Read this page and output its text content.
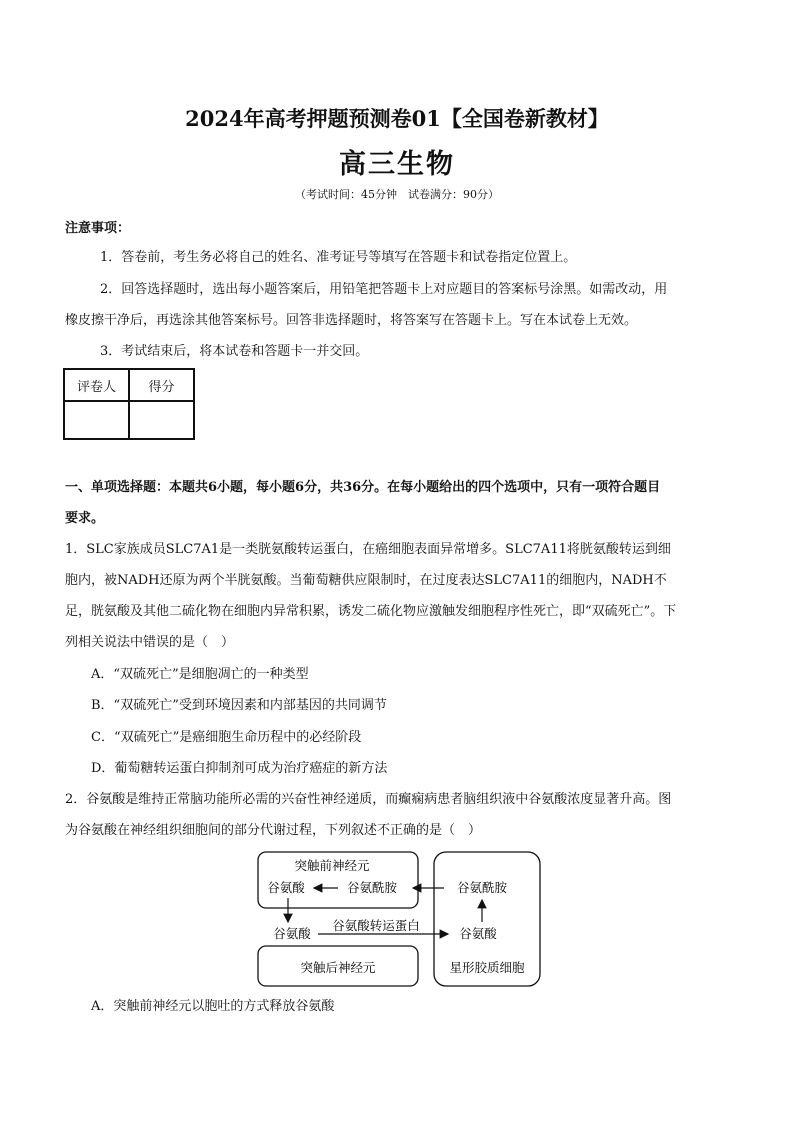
2024年高考押题预测卷01【全国卷新教材】
高三生物
（考试时间：45分钟　试卷满分：90分）
注意事项：
1．答卷前，考生务必将自己的姓名、准考证号等填写在答题卡和试卷指定位置上。
2．回答选择题时，选出每小题答案后，用铅笔把答题卡上对应题目的答案标号涂黑。如需改动，用
橡皮擦干净后，再选涂其他答案标号。回答非选择题时，将答案写在答题卡上。写在本试卷上无效。
3．考试结束后，将本试卷和答题卡一并交回。
评卷人	得分

一、单项选择题：本题共6小题，每小题6分，共36分。在每小题给出的四个选项中，只有一项符合题目
要求。
1．SLC家族成员SLC7A1是一类胱氨酸转运蛋白，在癌细胞表面异常增多。SLC7A11将胱氨酸转运到细
胞内，被NADH还原为两个半胱氨酸。当葡萄糖供应限制时，在过度表达SLC7A11的细胞内，NADH不
足，胱氨酸及其他二硫化物在细胞内异常积累，诱发二硫化物应激触发细胞程序性死亡，即“双硫死亡”。下
列相关说法中错误的是（　）
A．“双硫死亡”是细胞凋亡的一种类型
B．“双硫死亡”受到环境因素和内部基因的共同调节
C．“双硫死亡”是癌细胞生命历程中的必经阶段
D．葡萄糖转运蛋白抑制剂可成为治疗癌症的新方法
2．谷氨酸是维持正常脑功能所必需的兴奋性神经递质，而癫痫病患者脑组织液中谷氨酸浓度显著升高。图
为谷氨酸在神经组织细胞间的部分代谢过程，下列叙述不正确的是（　）
突触前神经元
谷氨酸	谷氨酰胺	谷氨酰胺
谷氨酸
谷氨酸转运蛋白
谷氨酸
突触后神经元	星形胶质细胞
A．突触前神经元以胞吐的方式释放谷氨酸
